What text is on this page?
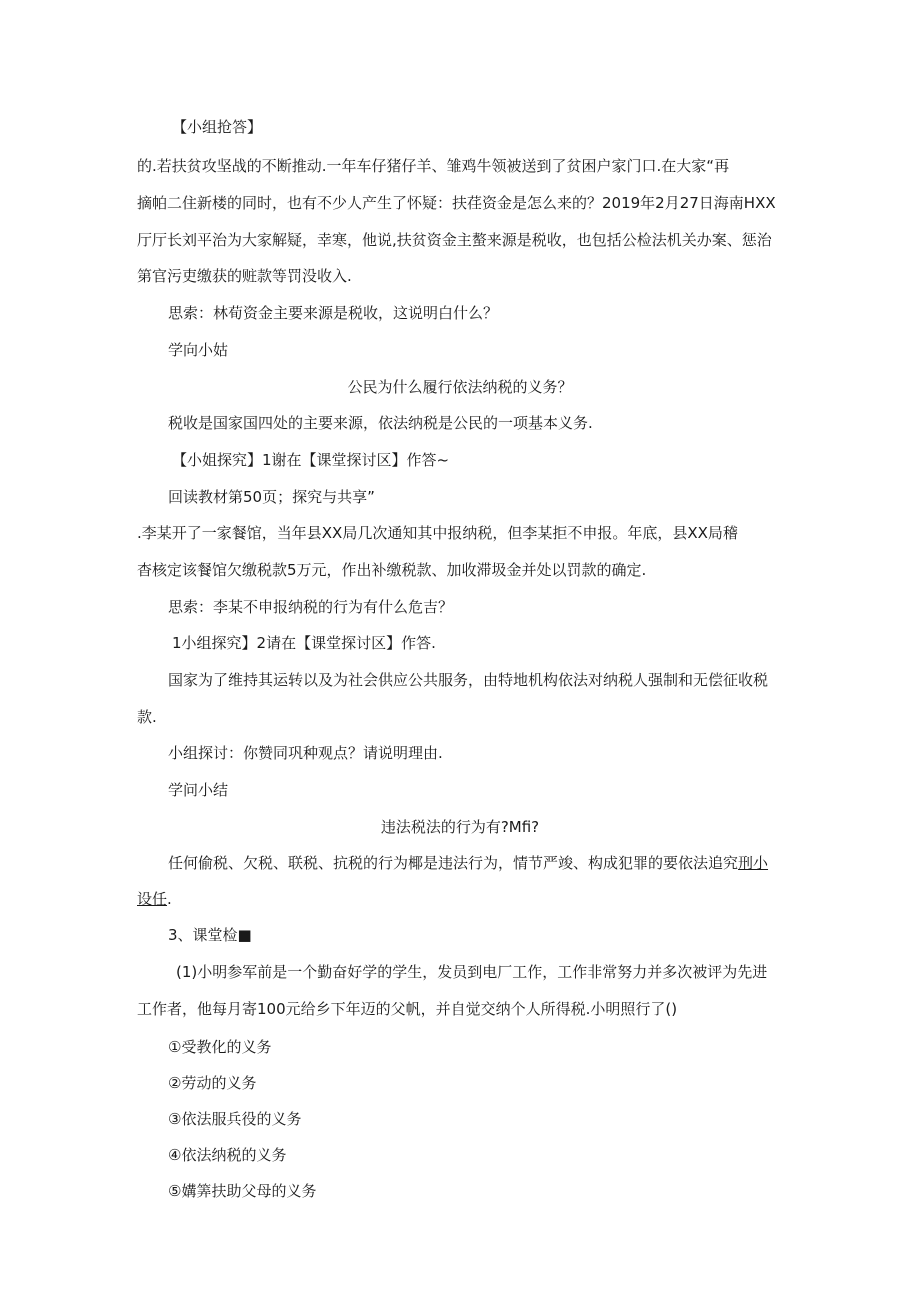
【小组抢答】
的.若扶贫攻坚战的不断推动.一年车仔猪仔羊、雏鸡牛领被送到了贫困户家门口.在大家“再
摘帕二住新楼的同时，也有不少人产生了怀疑：扶荏资金是怎么来的？2019年2月27日海南HXX
厅厅长刘平治为大家解疑，幸寒，他说,扶贫资金主螯来源是税收，也包括公检法机关办案、惩治
第官污吏缴获的赃款等罚没收入.
思索：林荀资金主要来源是税收，这说明白什么？
学向小姑
公民为什么履行依法纳税的义务？
税收是国家国四处的主要来源，依法纳税是公民的一项基本义务.
【小姐探究】1谢在【课堂探讨区】作答~
回读教材第50页；探究与共享”
.李某开了一家餐馆，当年县XX局几次通知其中报纳税，但李某拒不申报。年底，县XX局稽
杳核定该餐馆欠缴税款5万元，作出补缴税款、加收滞圾金并处以罚款的确定.
思索：李某不申报纳税的行为有什么危吉？
1小组探究】2请在【课堂探讨区】作答.
国家为了维持其运转以及为社会供应公共服务，由特地机构依法对纳税人强制和无偿征收税
款.
小组探讨：你赞同巩种观点？请说明理由.
学问小结
违法税法的行为有?Mfi?
任何偷税、欠税、联税、抗税的行为椰是违法行为，情节严竣、构成犯罪的要依法追究刑小
设任.
3、课堂检■
(1)小明参军前是一个勤奋好学的学生，发员到电厂工作，工作非常努力并多次被评为先进
工作者，他每月寄100元给乡下年迈的父帆，并自觉交纳个人所得税.小明照行了()
①受教化的义务
②劳动的义务
③依法服兵役的义务
④依法纳税的义务
⑤媾筭扶助父母的义务
